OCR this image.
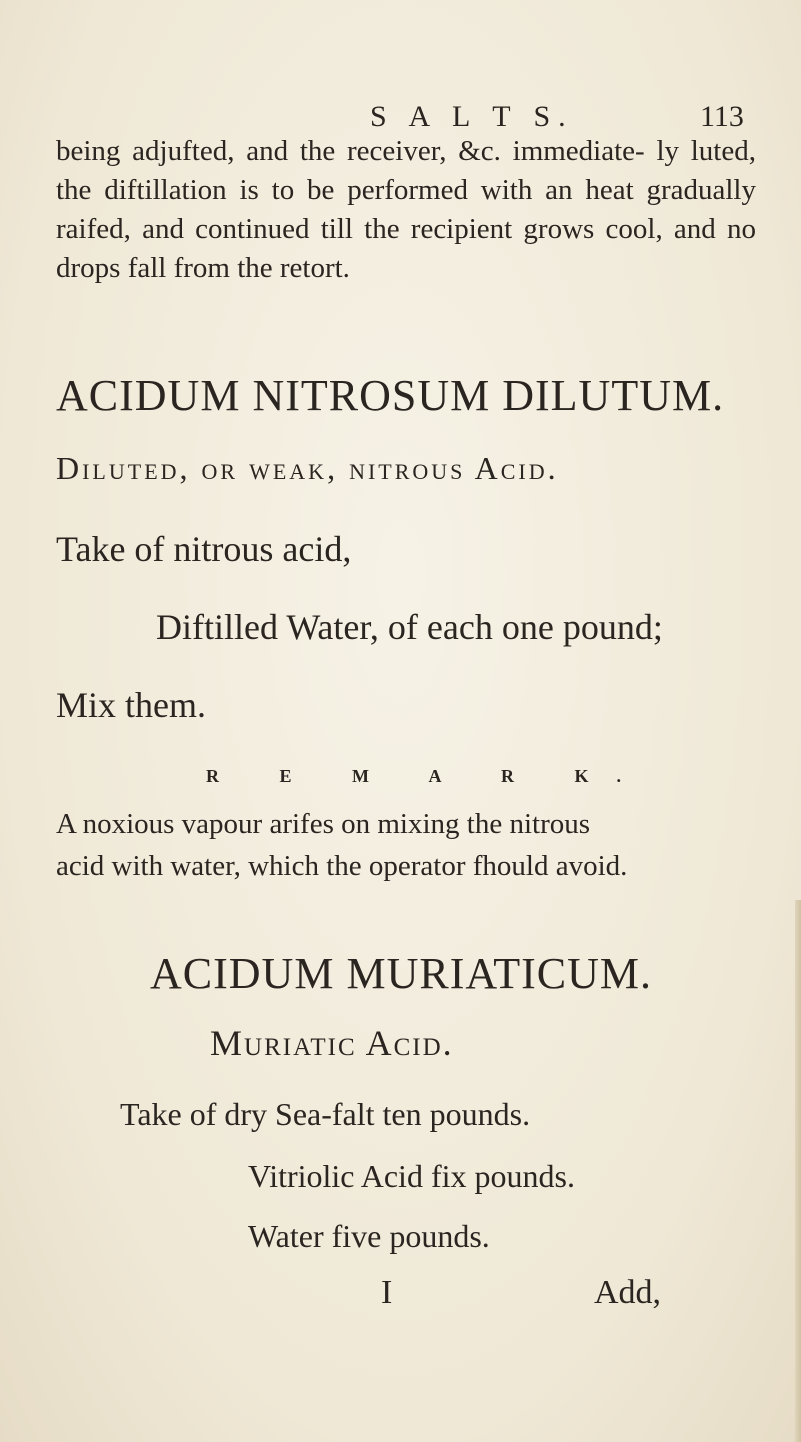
S A L T S.	113
being adjufted, and the receiver, &c. immediate- ly luted, the diftillation is to be performed with an heat gradually raifed, and continued till the recipient grows cool, and no drops fall from the retort.
ACIDUM NITROSUM DILUTUM.
Diluted, or weak, nitrous Acid.
Take of nitrous acid,
Diftilled Water, of each one pound;
Mix them.
R E M A R K.
A noxious vapour arifes on mixing the nitrous
acid with water, which the operator fhould avoid.
ACIDUM MURIATICUM.
Muriatic Acid.
Take of dry Sea-falt ten pounds.
Vitriolic Acid fix pounds.
Water five pounds.
I	Add,
